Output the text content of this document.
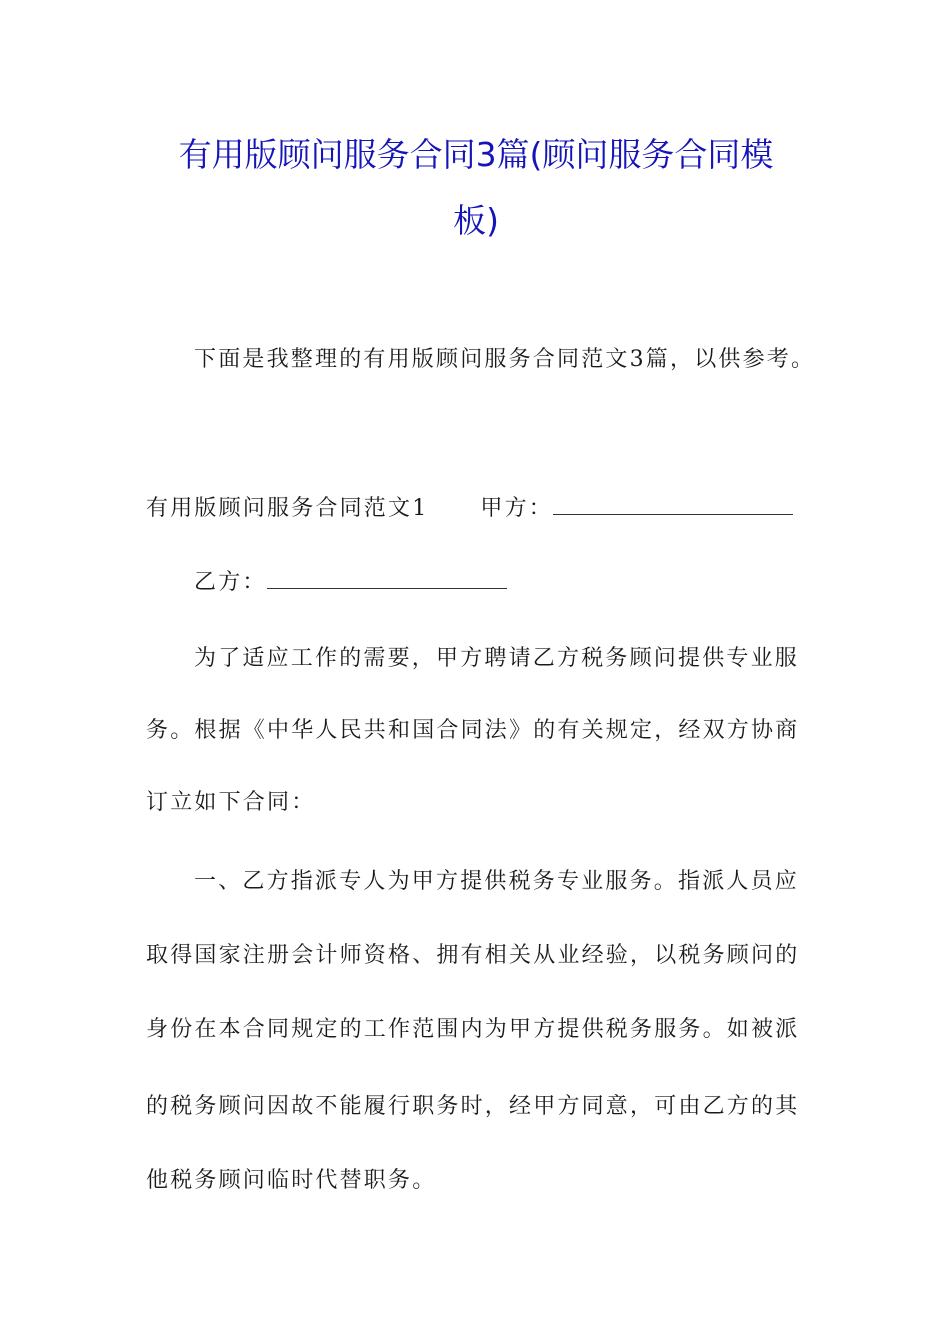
有用版顾问服务合同3篇(顾问服务合同模
板)
下面是我整理的有用版顾问服务合同范文3篇，以供参考。
有用版顾问服务合同范文1 甲方：
乙方：
为了适应工作的需要，甲方聘请乙方税务顾问提供专业服
务。根据《中华人民共和国合同法》的有关规定，经双方协商
订立如下合同：
一、乙方指派专人为甲方提供税务专业服务。指派人员应
取得国家注册会计师资格、拥有相关从业经验，以税务顾问的
身份在本合同规定的工作范围内为甲方提供税务服务。如被派
的税务顾问因故不能履行职务时，经甲方同意，可由乙方的其
他税务顾问临时代替职务。
